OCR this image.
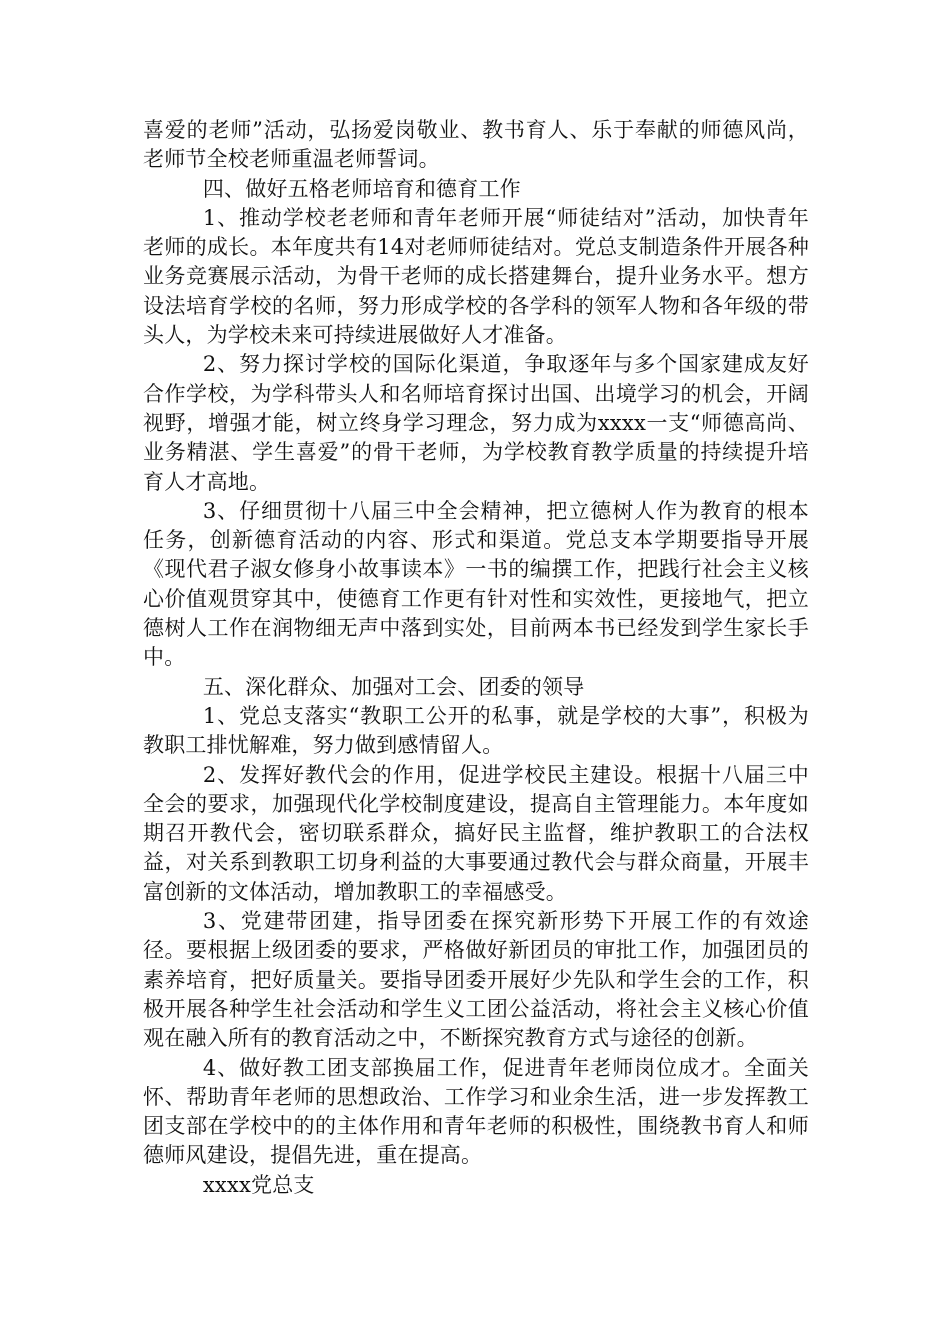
喜爱的老师”活动，弘扬爱岗敬业、教书育人、乐于奉献的师德风尚，老师节全校老师重温老师誓词。

四、做好五格老师培育和德育工作

1、推动学校老老师和青年老师开展“师徒结对”活动，加快青年老师的成长。本年度共有14对老师师徒结对。党总支制造条件开展各种业务竞赛展示活动，为骨干老师的成长搭建舞台，提升业务水平。想方设法培育学校的名师，努力形成学校的各学科的领军人物和各年级的带头人，为学校未来可持续进展做好人才准备。

2、努力探讨学校的国际化渠道，争取逐年与多个国家建成友好合作学校，为学科带头人和名师培育探讨出国、出境学习的机会，开阔视野，增强才能，树立终身学习理念，努力成为xxxx一支“师德高尚、业务精湛、学生喜爱”的骨干老师，为学校教育教学质量的持续提升培育人才高地。

3、仔细贯彻十八届三中全会精神，把立德树人作为教育的根本任务，创新德育活动的内容、形式和渠道。党总支本学期要指导开展《现代君子淑女修身小故事读本》一书的编撰工作，把践行社会主义核心价值观贯穿其中，使德育工作更有针对性和实效性，更接地气，把立德树人工作在润物细无声中落到实处，目前两本书已经发到学生家长手中。

五、深化群众、加强对工会、团委的领导

1、党总支落实“教职工公开的私事，就是学校的大事”，积极为教职工排忧解难，努力做到感情留人。

2、发挥好教代会的作用，促进学校民主建设。根据十八届三中全会的要求，加强现代化学校制度建设，提高自主管理能力。本年度如期召开教代会，密切联系群众，搞好民主监督，维护教职工的合法权益，对关系到教职工切身利益的大事要通过教代会与群众商量，开展丰富创新的文体活动，增加教职工的幸福感受。

3、党建带团建，指导团委在探究新形势下开展工作的有效途径。要根据上级团委的要求，严格做好新团员的审批工作，加强团员的素养培育，把好质量关。要指导团委开展好少先队和学生会的工作，积极开展各种学生社会活动和学生义工团公益活动，将社会主义核心价值观在融入所有的教育活动之中，不断探究教育方式与途径的创新。

4、做好教工团支部换届工作，促进青年老师岗位成才。全面关怀、帮助青年老师的思想政治、工作学习和业余生活，进一步发挥教工团支部在学校中的的主体作用和青年老师的积极性，围绕教书育人和师德师风建设，提倡先进，重在提高。

xxxx党总支
